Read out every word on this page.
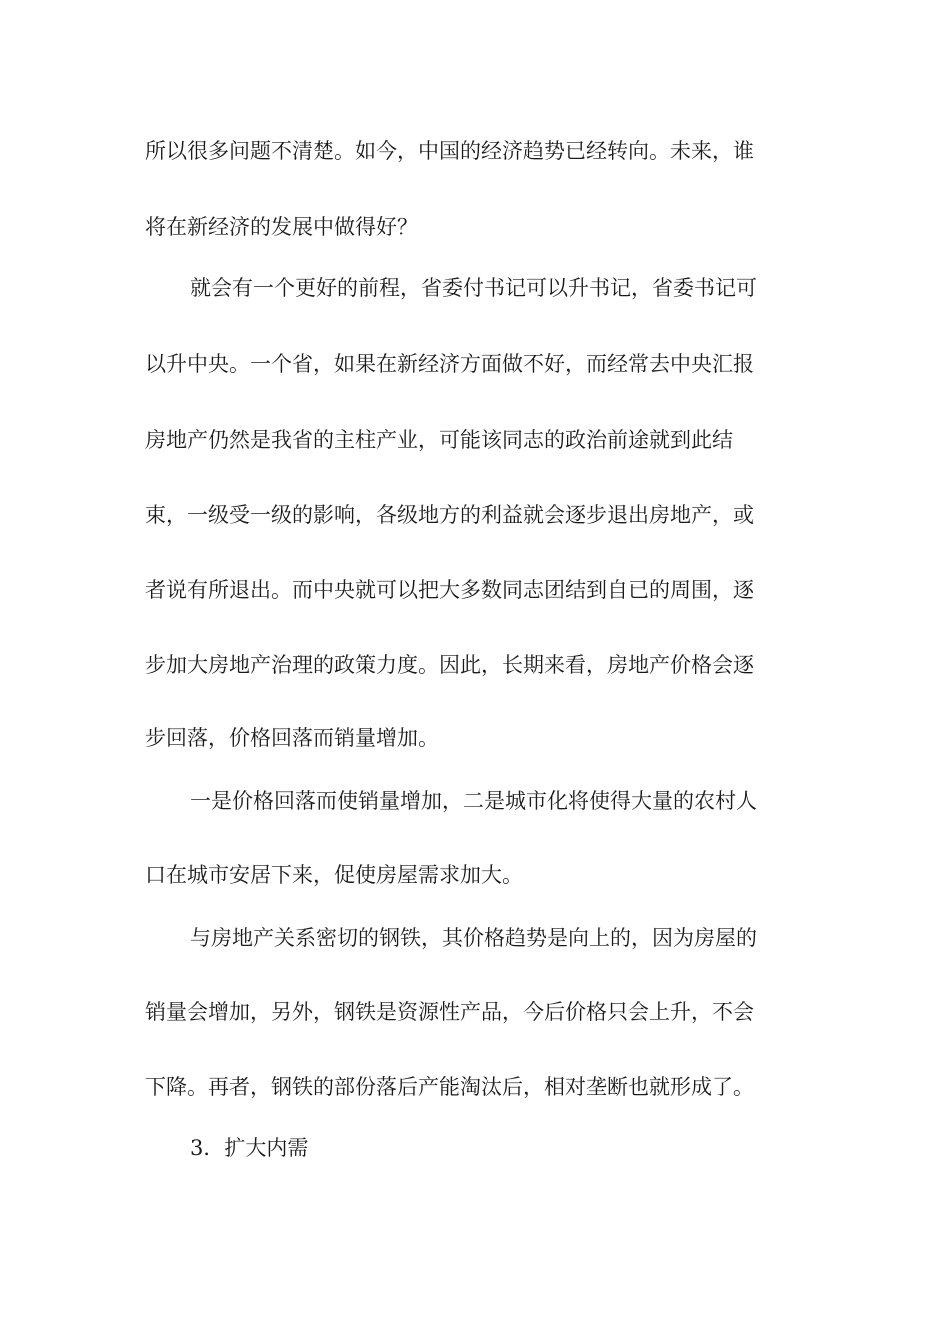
所以很多问题不清楚。如今，中国的经济趋势已经转向。未来，谁
将在新经济的发展中做得好？
就会有一个更好的前程，省委付书记可以升书记，省委书记可
以升中央。一个省，如果在新经济方面做不好，而经常去中央汇报
房地产仍然是我省的主柱产业，可能该同志的政治前途就到此结
束，一级受一级的影响，各级地方的利益就会逐步退出房地产，或
者说有所退出。而中央就可以把大多数同志团结到自已的周围，逐
步加大房地产治理的政策力度。因此，长期来看，房地产价格会逐
步回落，价格回落而销量增加。
一是价格回落而使销量增加，二是城市化将使得大量的农村人
口在城市安居下来，促使房屋需求加大。
与房地产关系密切的钢铁，其价格趋势是向上的，因为房屋的
销量会增加，另外，钢铁是资源性产品，今后价格只会上升，不会
下降。再者，钢铁的部份落后产能淘汰后，相对垄断也就形成了。
3．扩大内需
